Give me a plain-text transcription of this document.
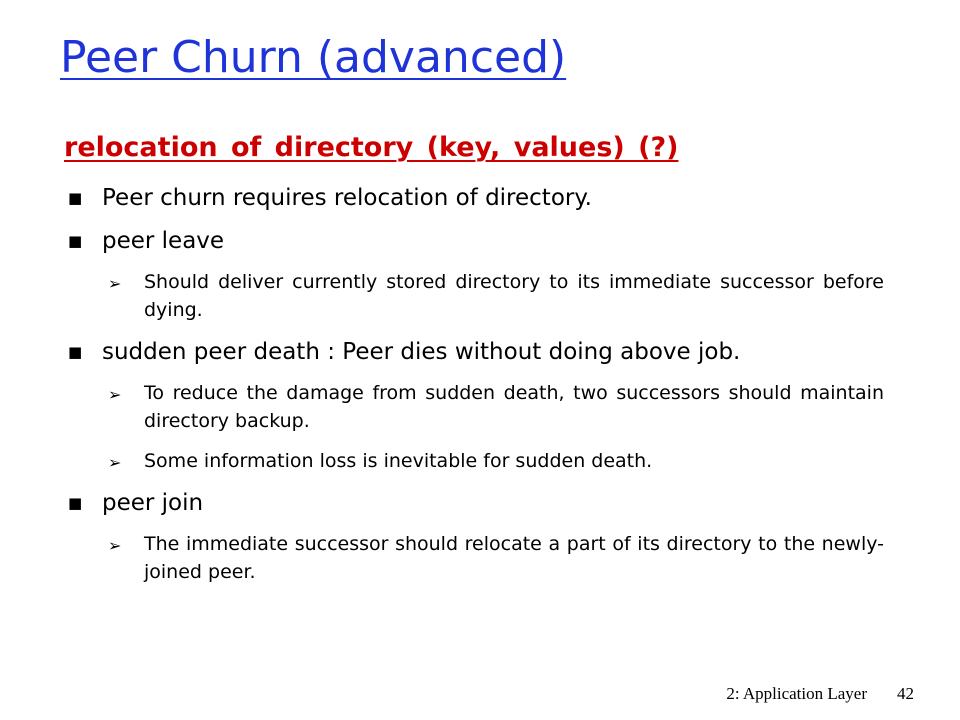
Peer Churn (advanced)
relocation of directory (key, values) (?)
■ Peer churn requires relocation of directory.
■ peer leave
➢ Should deliver currently stored directory to its immediate successor before dying.
■ sudden peer death : Peer dies without doing above job.
➢ To reduce the damage from sudden death, two successors should maintain directory backup.
➢ Some information loss is inevitable for sudden death.
■ peer join
➢ The immediate successor should relocate a part of its directory to the newly-joined peer.
2: Application Layer 42
